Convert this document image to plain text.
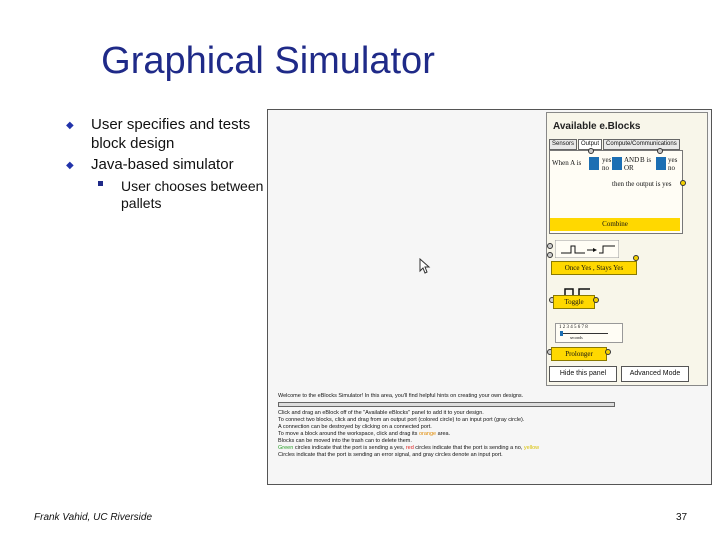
Graphical Simulator
◆ User specifies and tests block design
◆ Java-based simulator
User chooses between pallets
Available e.Blocks
Sensors	Output	Compute/Communications
When A is	yes
no
AND
OR
B is yes
no
then the output is yes
Combine
Once Yes , Stays Yes
Toggle
1 2 3 4 5 6 7 8
seconds
Prolonger
Hide this panel	Advanced Mode
Welcome to the eBlocks Simulator! In this area, you'll find helpful hints on creating your own designs.
Click and drag an eBlock off of the "Available eBlocks" panel to add it to your design.
To connect two blocks, click and drag from an output port (colored circle) to an input port (gray circle).
A connection can be destroyed by clicking on a connected port.
To move a block around the workspace, click and drag its orange area.
Blocks can be moved into the trash can to delete them.
Green circles indicate that the port is sending a yes, red circles indicate that the port is sending a no, yellow
Circles indicate that the port is sending an error signal, and gray circles denote an input port.
Frank Vahid, UC Riverside	37
